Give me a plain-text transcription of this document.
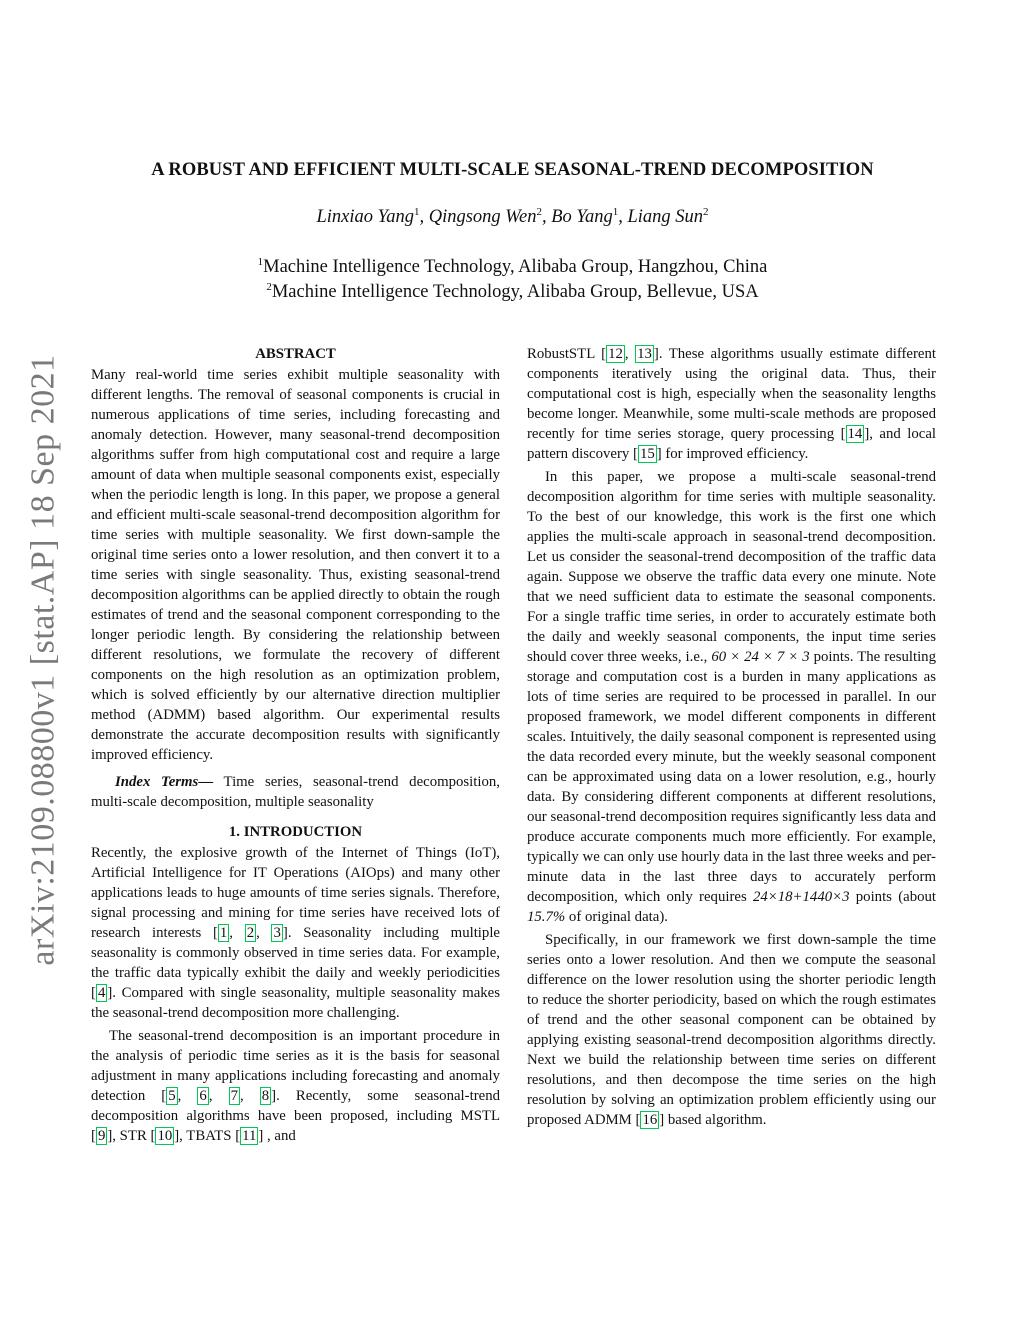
arXiv:2109.08800v1 [stat.AP] 18 Sep 2021
A ROBUST AND EFFICIENT MULTI-SCALE SEASONAL-TREND DECOMPOSITION
Linxiao Yang$^1$, Qingsong Wen$^2$, Bo Yang$^1$, Liang Sun$^2$
$^1$Machine Intelligence Technology, Alibaba Group, Hangzhou, China
$^2$Machine Intelligence Technology, Alibaba Group, Bellevue, USA
ABSTRACT

Many real-world time series exhibit multiple seasonality with different lengths. The removal of seasonal components is crucial in numerous applications of time series, including forecasting and anomaly detection. However, many seasonal-trend decomposition algorithms suffer from high computational cost and require a large amount of data when multiple seasonal components exist, especially when the periodic length is long. In this paper, we propose a general and efficient multi-scale seasonal-trend decomposition algorithm for time series with multiple seasonality. We first down-sample the original time series onto a lower resolution, and then convert it to a time series with single seasonality. Thus, existing seasonal-trend decomposition algorithms can be applied directly to obtain the rough estimates of trend and the seasonal component corresponding to the longer periodic length. By considering the relationship between different resolutions, we formulate the recovery of different components on the high resolution as an optimization problem, which is solved efficiently by our alternative direction multiplier method (ADMM) based algorithm. Our experimental results demonstrate the accurate decomposition results with significantly improved efficiency.

Index Terms— Time series, seasonal-trend decomposition, multi-scale decomposition, multiple seasonality

1. INTRODUCTION

Recently, the explosive growth of the Internet of Things (IoT), Artificial Intelligence for IT Operations (AIOps) and many other applications leads to huge amounts of time series signals. Therefore, signal processing and mining for time series have received lots of research interests [ 1 , 2 , 3 ]. Seasonality including multiple seasonality is commonly observed in time series data. For example, the traffic data typically exhibit the daily and weekly periodicities [ 4 ]. Compared with single seasonality, multiple seasonality makes the seasonal-trend decomposition more challenging.

The seasonal-trend decomposition is an important procedure in the analysis of periodic time series as it is the basis for seasonal adjustment in many applications including forecasting and anomaly detection [ 5 , 6 , 7 , 8 ]. Recently, some seasonal-trend decomposition algorithms have been proposed, including MSTL [ 9 ], STR [ 10 ], TBATS [ 11 ] , and

RobustSTL [ 12 , 13 ]. These algorithms usually estimate different components iteratively using the original data. Thus, their computational cost is high, especially when the seasonality lengths become longer. Meanwhile, some multi-scale methods are proposed recently for time series storage, query processing [ 14 ], and local pattern discovery [ 15 ] for improved efficiency.

In this paper, we propose a multi-scale seasonal-trend decomposition algorithm for time series with multiple seasonality. To the best of our knowledge, this work is the first one which applies the multi-scale approach in seasonal-trend decomposition. Let us consider the seasonal-trend decomposition of the traffic data again. Suppose we observe the traffic data every one minute. Note that we need sufficient data to estimate the seasonal components. For a single traffic time series, in order to accurately estimate both the daily and weekly seasonal components, the input time series should cover three weeks, i.e., 60 × 24 × 7 × 3 points. The resulting storage and computation cost is a burden in many applications as lots of time series are required to be processed in parallel. In our proposed framework, we model different components in different scales. Intuitively, the daily seasonal component is represented using the data recorded every minute, but the weekly seasonal component can be approximated using data on a lower resolution, e.g., hourly data. By considering different components at different resolutions, our seasonal-trend decomposition requires significantly less data and produce accurate components much more efficiently. For example, typically we can only use hourly data in the last three weeks and per-minute data in the last three days to accurately perform decomposition, which only requires 24×18+1440×3 points (about 15.7% of original data).

Specifically, in our framework we first down-sample the time series onto a lower resolution. And then we compute the seasonal difference on the lower resolution using the shorter periodic length to reduce the shorter periodicity, based on which the rough estimates of trend and the other seasonal component can be obtained by applying existing seasonal-trend decomposition algorithms directly. Next we build the relationship between time series on different resolutions, and then decompose the time series on the high resolution by solving an optimization problem efficiently using our proposed ADMM [ 16 ] based algorithm.
